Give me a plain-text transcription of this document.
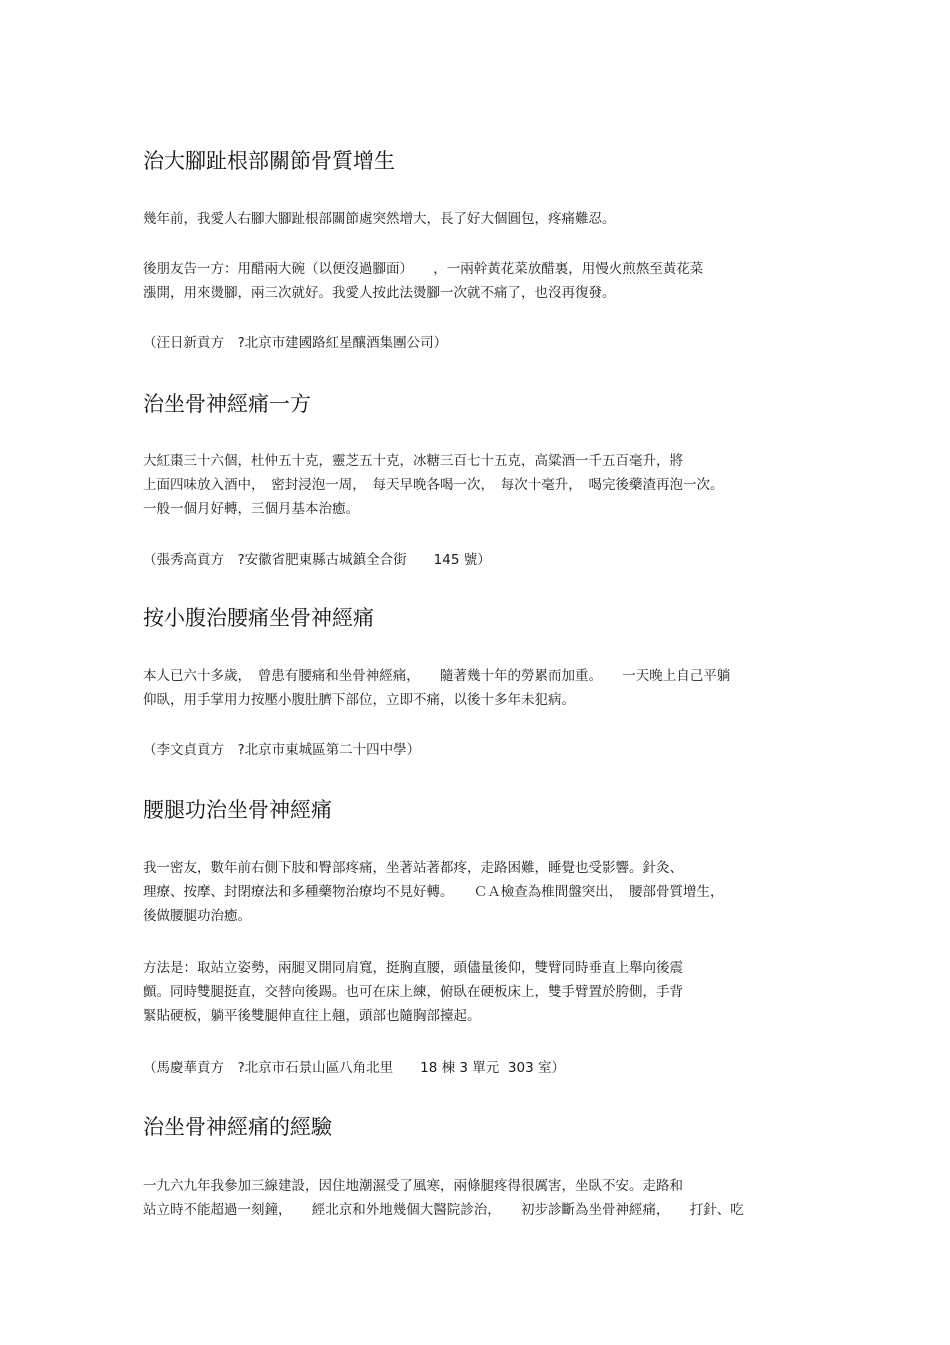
治大腳趾根部關節骨質增生

幾年前，我愛人右腳大腳趾根部關節處突然增大，長了好大個圓包，疼痛難忍。

後朋友告一方：用醋兩大碗（以便沒過腳面）　　，一兩幹黃花菜放醋裏，用慢火煎熬至黃花菜
漲開，用來燙腳，兩三次就好。我愛人按此法燙腳一次就不痛了，也沒再復發。

（汪日新貢方　?北京市建國路紅星釀酒集團公司）

治坐骨神經痛一方

大紅棗三十六個，杜仲五十克，靈芝五十克，冰糖三百七十五克，高粱酒一千五百毫升，將
上面四味放入酒中，　密封浸泡一周，　每天早晚各喝一次，　每次十毫升，　喝完後藥渣再泡一次。
一般一個月好轉，三個月基本治癒。

（張秀高貢方　?安徽省肥東縣古城鎮全合街　　145 號）

按小腹治腰痛坐骨神經痛

本人已六十多歲，　曾患有腰痛和坐骨神經痛，　　隨著幾十年的勞累而加重。　　一天晚上自己平躺
仰臥，用手掌用力按壓小腹肚臍下部位，立即不痛，以後十多年未犯病。

（李文貞貢方　?北京市東城區第二十四中學）

腰腿功治坐骨神經痛

我一密友，數年前右側下肢和臀部疼痛，坐著站著都疼，走路困難，睡覺也受影響。針灸、
理療、按摩、封閉療法和多種藥物治療均不見好轉。　　ＣＡ檢查為椎間盤突出，　腰部骨質增生，
後做腰腿功治癒。

方法是：取站立姿勢，兩腿叉開同肩寬，挺胸直腰，頭儘量後仰，雙臂同時垂直上舉向後震
顫。同時雙腿挺直，交替向後踢。也可在床上練，俯臥在硬板床上，雙手臂置於胯側，手背
緊貼硬板，躺平後雙腿伸直往上翹，頭部也隨胸部擡起。

（馬慶華貢方　?北京市石景山區八角北里　　18 棟 3 單元  303 室）

治坐骨神經痛的經驗

一九六九年我參加三線建設，因住地潮濕受了風寒，兩條腿疼得很厲害，坐臥不安。走路和
站立時不能超過一刻鐘，　　經北京和外地幾個大醫院診治，　　初步診斷為坐骨神經痛，　　打針、吃
